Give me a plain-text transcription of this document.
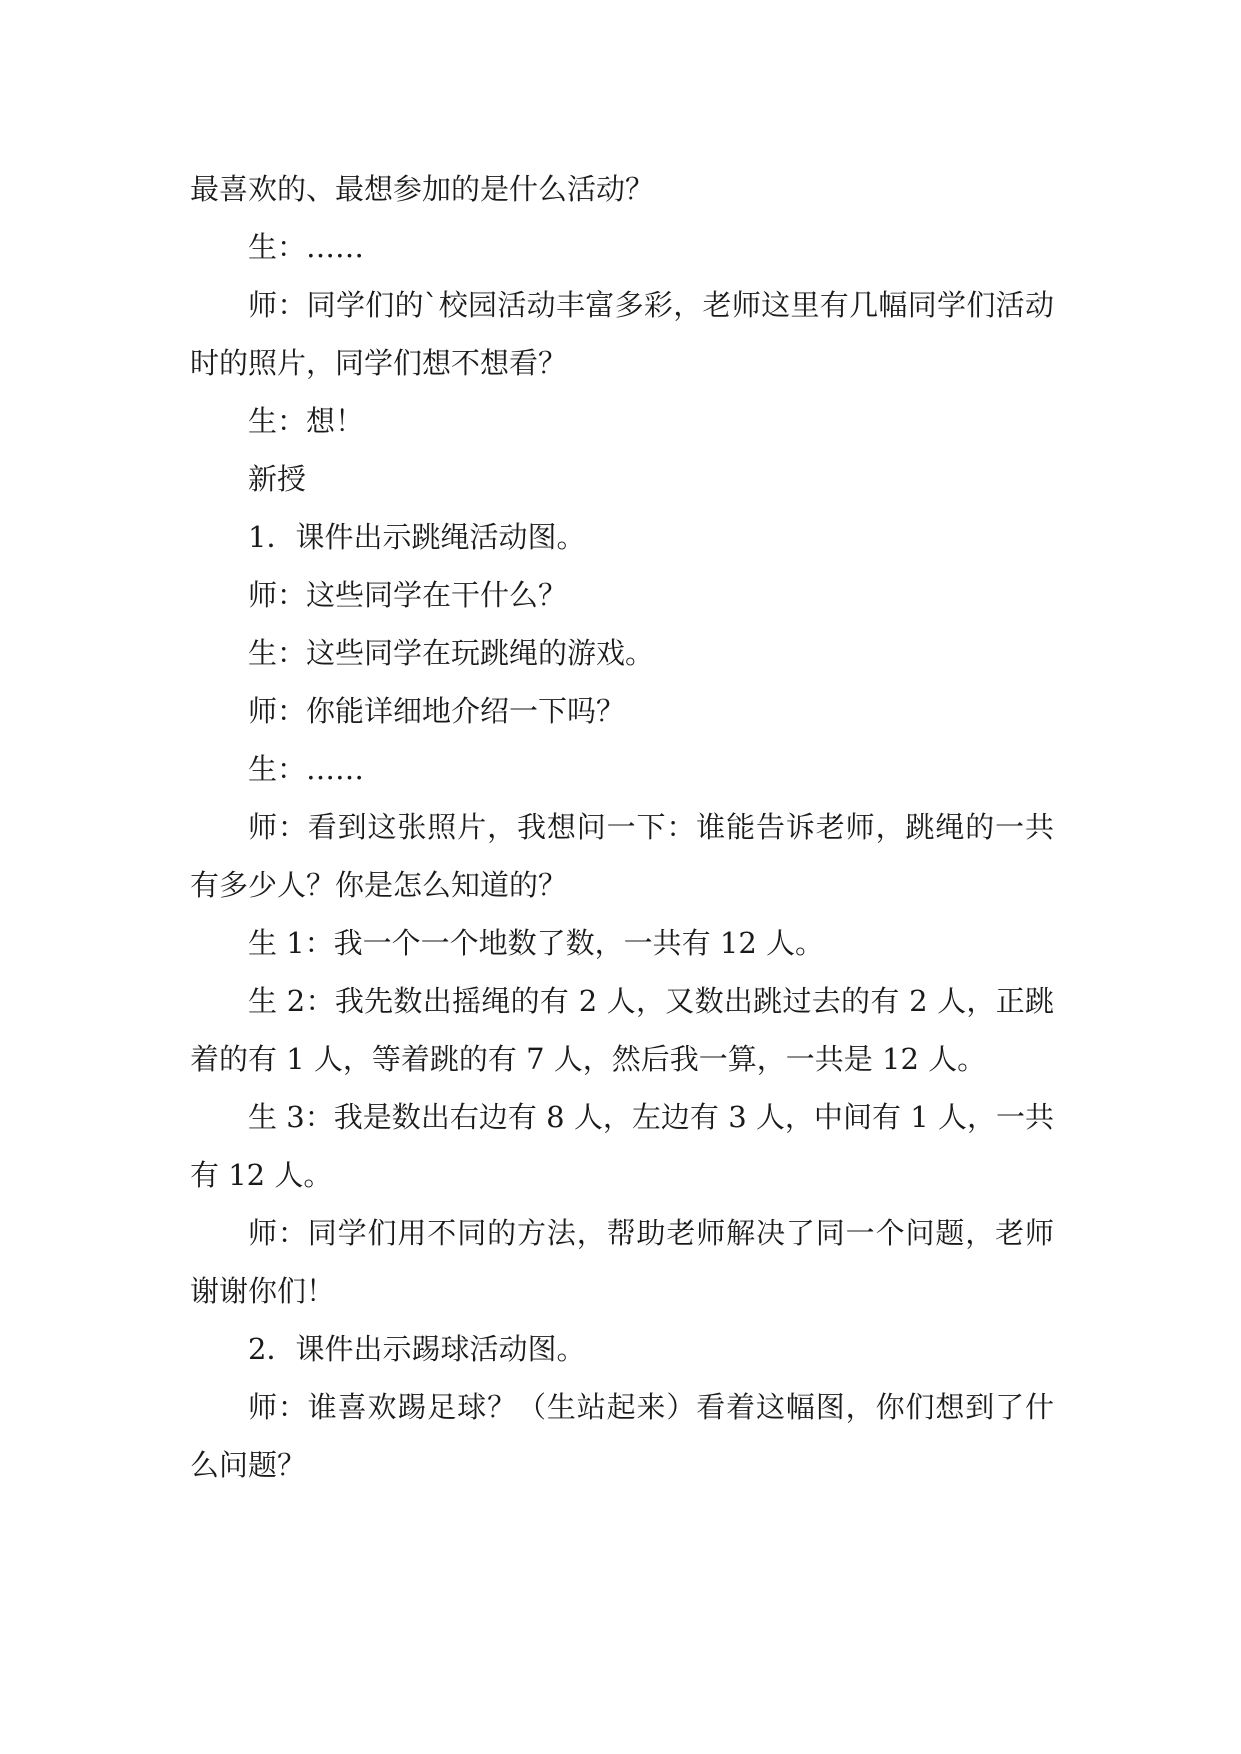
最喜欢的、最想参加的是什么活动？

生：……

师：同学们的`校园活动丰富多彩，老师这里有几幅同学们活动时的照片，同学们想不想看？

生：想！

新授

1．课件出示跳绳活动图。

师：这些同学在干什么？

生：这些同学在玩跳绳的游戏。

师：你能详细地介绍一下吗？

生：……

师：看到这张照片，我想问一下：谁能告诉老师，跳绳的一共有多少人？你是怎么知道的？

生 1：我一个一个地数了数，一共有 12 人。

生 2：我先数出摇绳的有 2 人，又数出跳过去的有 2 人，正跳着的有 1 人，等着跳的有 7 人，然后我一算，一共是 12 人。

生 3：我是数出右边有 8 人，左边有 3 人，中间有 1 人，一共有 12 人。

师：同学们用不同的方法，帮助老师解决了同一个问题，老师谢谢你们！

2．课件出示踢球活动图。

师：谁喜欢踢足球？（生站起来）看着这幅图，你们想到了什么问题？
